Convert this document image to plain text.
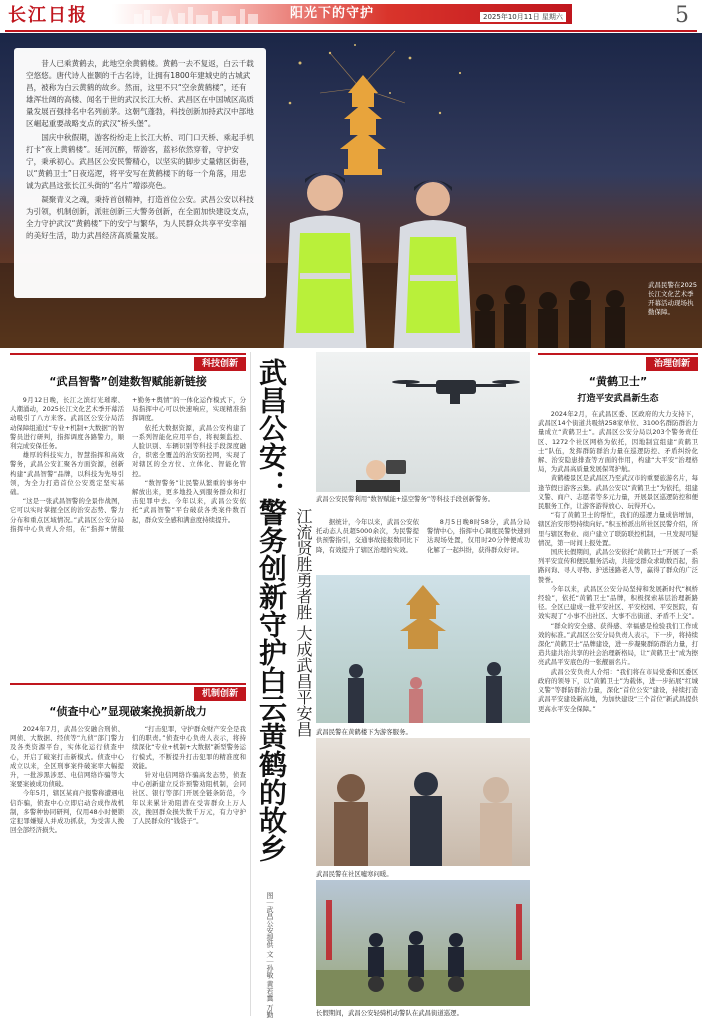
长江日报	阳光下的守护	2025年10月11日 星期六	5
武昌民警在2025长江文化艺术季开幕活动现场执勤保障。

昔人已乘黄鹤去，此地空余黄鹤楼。黄鹤一去不复返，白云千载空悠悠。唐代诗人崔颢的千古名诗，让拥有1800年建城史的古城武昌，被称为白云黄鹤的故乡。然而，这里不只“空余黄鹤楼”，还有雄浑壮阔的高楼、闻名于世的武汉长江大桥、武昌区在中国城区高质量发展百强排名中名列前茅。这朝气蓬勃，科技创新加持武汉中部地区崛起重要战略支点的武汉“桥头堡”。

国庆中秋假期，游客纷纷走上长江大桥、司门口天桥、乘起手机打卡“夜上黄鹤楼”。延河沉醉，帮游客，蓝衫依然穿着，守护安宁，秉承初心。武昌区公安民警精心，以坚实的脚步丈量辖区街巷，以“黄鹤卫士”日夜巡逻，将平安写在黄鹤楼下的每一个角落，用忠诚为武昌这张长江头街的“名片”增添亮色。

凝聚青义之魂，秉持首创精神，打造首位公安。武昌公安以科技为引领，机制创新，派驻创新三大警务创新，在全面加快建设支点，全力守护武汉“黄鹤楼”下的安宁与繁华，为人民群众共享平安幸福的美好生活，助力武昌经济高质量发展。

科技创新
“武昌智警”创建数智赋能新链接

9月12日晚，长江之滨灯光璀璨、人潮涌动，2025长江文化艺术季开幕活动吸引了八方来客。武昌区公安分局活动保障组通过“专业+机制+大数据”的智警员进行研判，指挥调度各路警力，顺利完成安保任务。

雄厚的科技实力，智慧指挥和高效警务，武昌公安汇聚各方面资源，创新构建“武昌智警”品牌，以科技为先导引领，为全力打造首位公安奠定坚实基础。

“这是一张武昌智警的全景作战图，它可以实时掌握全区的治安态势、警力分布和重点区域情况。”武昌区公安分局指挥中心负责人介绍，在“指挥+情报+勤务+舆情”的一体化运作模式下，分局指挥中心可以快速响应，实现精准指挥调度。

依托大数据资源，武昌公安构建了一系列智能化应用平台，将视频监控、人脸识别、车辆识别等科技手段深度融合，织密全覆盖的治安防控网，实现了对辖区的全方位、立体化、智能化管控。

“数智警务”让民警从繁重的事务中解放出来，更多地投入到服务群众和打击犯罪中去。今年以来，武昌公安依托“武昌智警”平台破获各类案件数百起，群众安全感和满意度持续提升。

机制创新
“侦查中心”显现破案挽损新战力

2024年7月，武昌公安融合刑侦、网侦、大数据、经侦等“九侦”部门警力及各类资源平台，实体化运行侦查中心，开启了破案打击新模式。侦查中心成立以来，全区刑事案件破案率大幅提升，一批涉黑涉恶、电信网络诈骗等大案要案被成功侦破。

今年5月，辖区某商户报警称遭遇电信诈骗，侦查中心立即启动合成作战机制，多警种协同研判，仅用48小时便锁定犯罪嫌疑人并成功抓获，为受害人挽回全部经济损失。

“打击犯罪，守护群众财产安全是我们的职责。”侦查中心负责人表示，将持续深化“专业+机制+大数据”新型警务运行模式，不断提升打击犯罪的精准度和效能。

针对电信网络诈骗高发态势，侦查中心创新建立反诈预警劝阻机制，会同社区、银行等部门开展全链条防范，今年以来累计劝阻潜在受害群众上万人次，挽回群众损失数千万元，有力守护了人民群众的“钱袋子”。	武昌公安：警务创新守护白云黄鹤的故乡 江流贤胜勇者胜 大成武昌平安昌
图｜武昌公安提供 文｜孙敏 黄若冀 万勤
武昌公安民警利用“数智赋能+巡空警务”等科技手段创新警务。

据统计，今年以来，武昌公安依托动态人员超5000余次，为民警提供预警指引，交通事故接报数同比下降，有效提升了辖区治理的实效。

8月5日晚8时58分，武昌分局警情中心，指挥中心调度民警快速到达现场处置，仅用时20分钟便成功化解了一起纠纷，获得群众好评。

武昌民警在黄鹤楼下为游客服务。
武昌民警在社区嘘寒问暖。
长假期间，武昌公安轻骑机动警队在武昌街道巡逻。
治理创新
“黄鹤卫士”
打造平安武昌新生态

2024年2月，在武昌区委、区政府的大力支持下，武昌区14个街道共吸纳258家单位、3100名群防群治力量成立“黄鹤卫士”。武昌区公安分局以203个警务责任区、1272个社区网格为依托，因地制宜组建“黄鹤卫士”队伍，发挥群防群治力量在巡逻防控、矛盾纠纷化解、治安隐患排查等方面的作用，构建“大平安”治理格局，为武昌高质量发展保驾护航。

黄鹤楼景区是武昌区乃至武汉市的重要旅游名片，每逢节假日游客云集。武昌公安以“黄鹤卫士”为依托，组建义警、商户、志愿者等多元力量，开展景区巡逻防控和便民服务工作，让游客游得放心、玩得开心。

“有了黄鹤卫士的帮忙，我们的巡逻力量成倍增加，辖区治安形势持续向好。”积玉桥派出所社区民警介绍，所里与辖区物业、商户建立了联防联控机制，一旦发现可疑情况，第一时间上报处置。

国庆长假期间，武昌公安依托“黄鹤卫士”开展了一系列平安宣传和便民服务活动，共接受群众求助数百起，指路问询、寻人寻物、护送迷路老人等，赢得了群众的广泛赞誉。

今年以来，武昌区公安分局坚持和发展新时代“枫桥经验”，依托“黄鹤卫士”品牌，积极探索基层治理新路径。全区已建成一批平安社区、平安校园、平安医院，有效实现了“小事不出社区、大事不出街道、矛盾不上交”。

“群众的安全感、获得感、幸福感是检验我们工作成效的标准。”武昌区公安分局负责人表示，下一步，将持续深化“黄鹤卫士”品牌建设，进一步凝聚群防群治力量，打造共建共治共享的社会治理新格局，让“黄鹤卫士”成为擦亮武昌平安底色的一张靓丽名片。

武昌公安负责人介绍：“我们将在市局党委和区委区政府的领导下，以“黄鹤卫士”为载体，进一步拓展“红城义警”等群防群治力量，深化“首位公安”建设，持续打造武昌平安建设新高地，为加快建设“三个首位”新武昌提供更高水平安全保障。”
